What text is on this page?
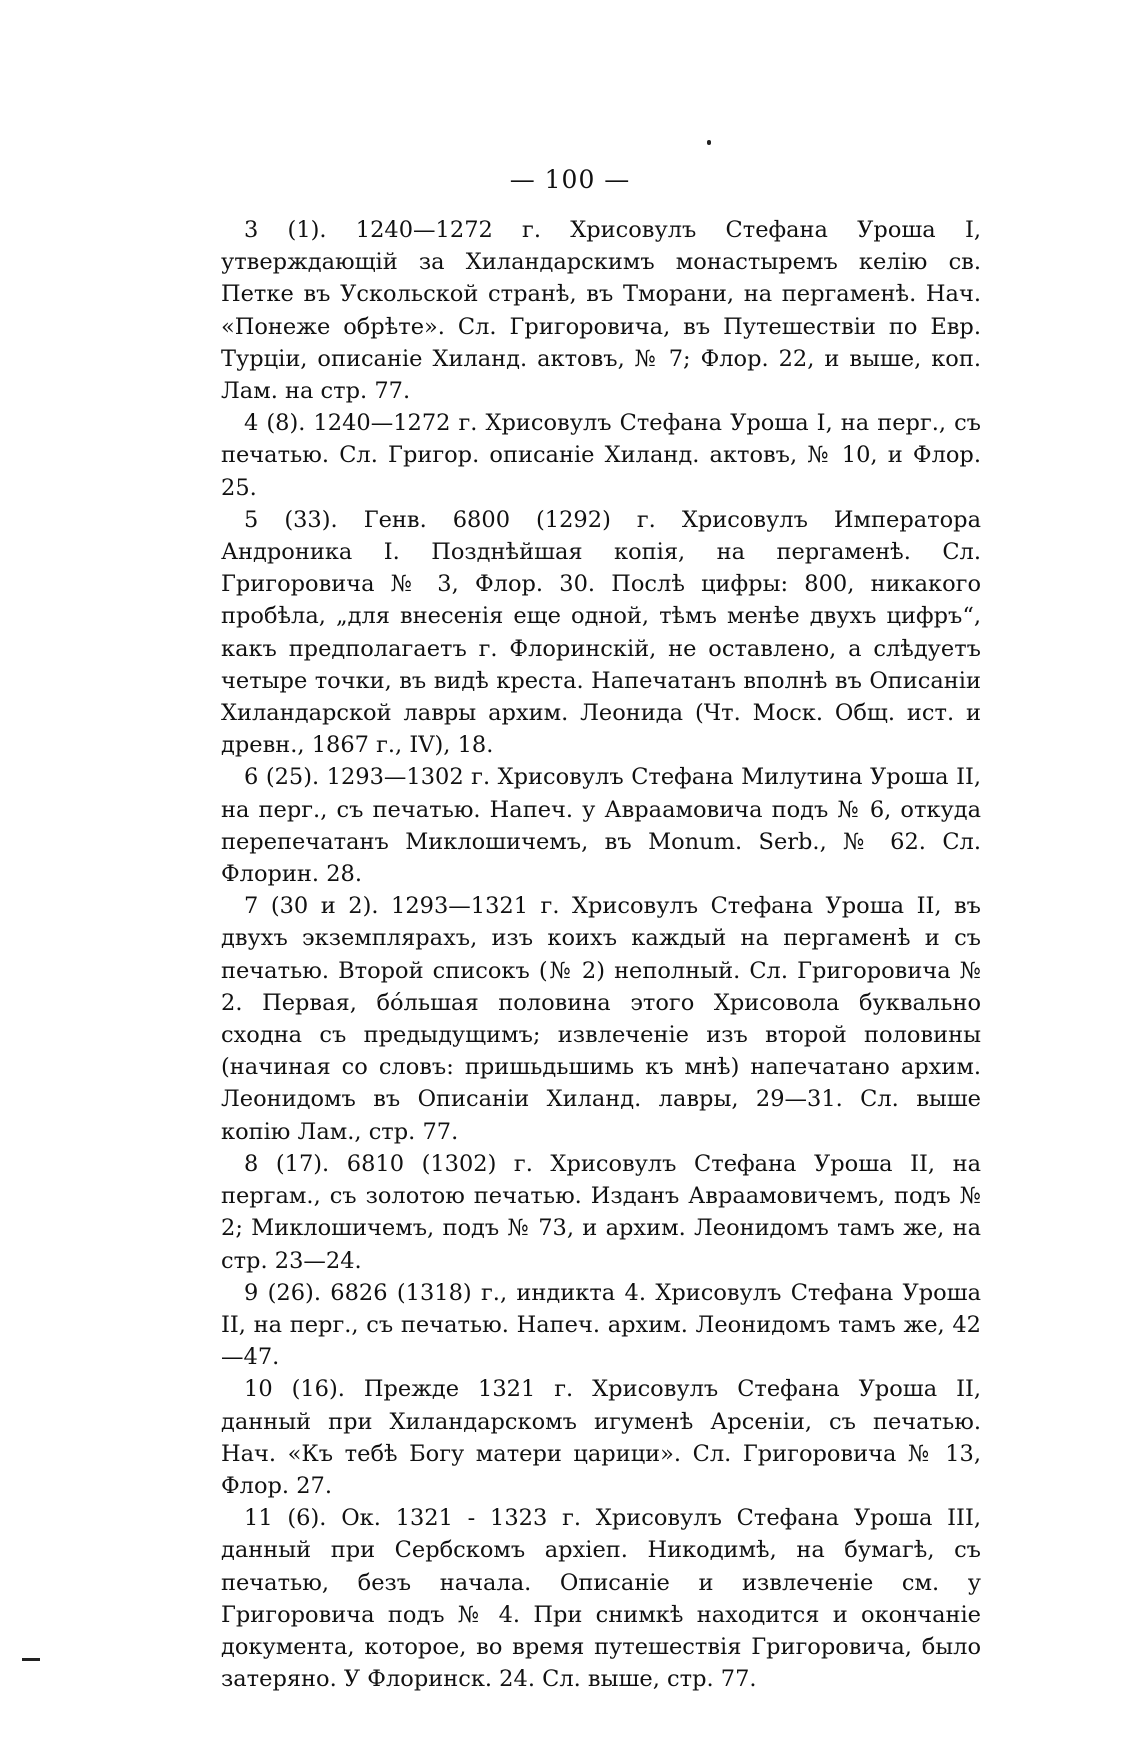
— 100 —

3 (1). 1240—1272 г. Хрисовулъ Стефана Уроша I, утверждающій за Хиландарскимъ монастыремъ келію св. Петке въ Ускольской странѣ, въ Тморани, на пергаменѣ. Нач. «Понеже обрѣте». Сл. Григоровича, въ Путешествіи по Евр. Турціи, описаніе Хиланд. актовъ, № 7; Флор. 22, и выше, коп. Лам. на стр. 77.

4 (8). 1240—1272 г. Хрисовулъ Стефана Уроша I, на перг., съ печатью. Сл. Григор. описаніе Хиланд. актовъ, № 10, и Флор. 25.

5 (33). Генв. 6800 (1292) г. Хрисовулъ Императора Андроника I. Позднѣйшая копія, на пергаменѣ. Сл. Григоровича № 3, Флор. 30. Послѣ цифры: 800, никакого пробѣла, „для внесенія еще одной, тѣмъ менѣе двухъ цифръ“, какъ предполагаетъ г. Флоринскій, не оставлено, а слѣдуетъ четыре точки, въ видѣ креста. Напечатанъ вполнѣ въ Описаніи Хиландарской лавры архим. Леонида (Чт. Моск. Общ. ист. и древн., 1867 г., IV), 18.

6 (25). 1293—1302 г. Хрисовулъ Стефана Милутина Уроша II, на перг., съ печатью. Напеч. у Авраамовича подъ № 6, откуда перепечатанъ Миклошичемъ, въ Monum. Serb., № 62. Сл. Флорин. 28.

7 (30 и 2). 1293—1321 г. Хрисовулъ Стефана Уроша II, въ двухъ экземплярахъ, изъ коихъ каждый на пергаменѣ и съ печатью. Второй списокъ (№ 2) неполный. Сл. Григоровича № 2. Первая, бóльшая половина этого Хрисовола буквально сходна съ предыдущимъ; извлеченіе изъ второй половины (начиная со словъ: пришьдьшимь къ мнѣ) напечатано архим. Леонидомъ въ Описаніи Хиланд. лавры, 29—31. Сл. выше копію Лам., стр. 77.

8 (17). 6810 (1302) г. Хрисовулъ Стефана Уроша II, на пергам., съ золотою печатью. Изданъ Авраамовичемъ, подъ № 2; Миклошичемъ, подъ № 73, и архим. Леонидомъ тамъ же, на стр. 23—24.

9 (26). 6826 (1318) г., индикта 4. Хрисовулъ Стефана Уроша II, на перг., съ печатью. Напеч. архим. Леонидомъ тамъ же, 42—47.

10 (16). Прежде 1321 г. Хрисовулъ Стефана Уроша II, данный при Хиландарскомъ игуменѣ Арсеніи, съ печатью. Нач. «Къ тебѣ Богу матери царици». Сл. Григоровича № 13, Флор. 27.

11 (6). Ок. 1321 - 1323 г. Хрисовулъ Стефана Уроша III, данный при Сербскомъ архіеп. Никодимѣ, на бумагѣ, съ печатью, безъ начала. Описаніе и извлеченіе см. у Григоровича подъ № 4. При снимкѣ находится и окончаніе документа, которое, во время путешествія Григоровича, было затеряно. У Флоринск. 24. Сл. выше, стр. 77.
